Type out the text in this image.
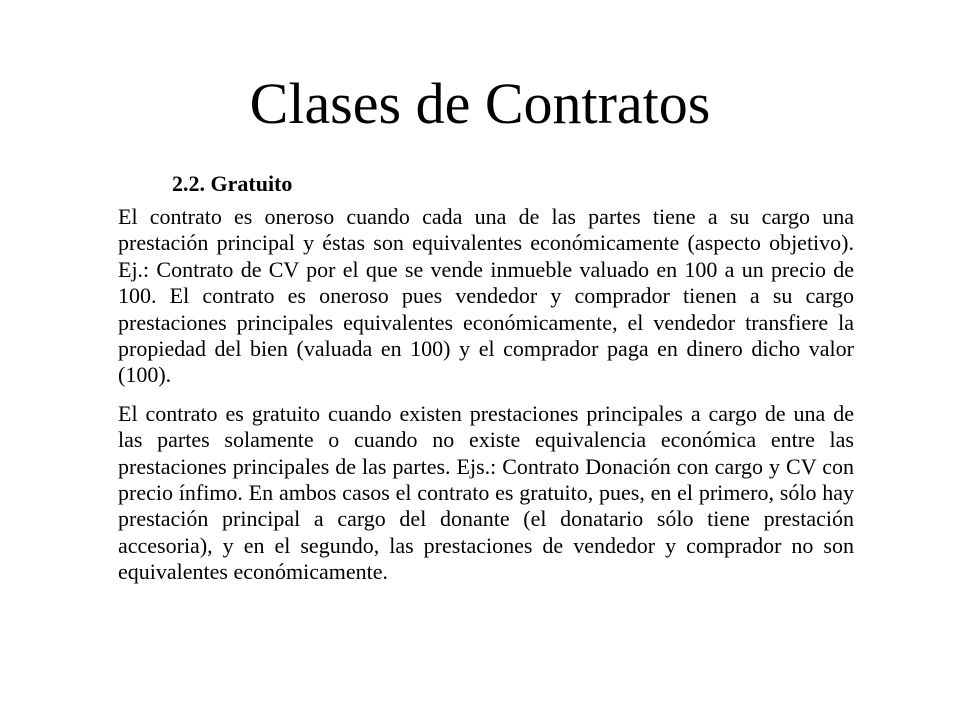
Clases de Contratos

2.2. Gratuito

El contrato es oneroso cuando cada una de las partes tiene a su cargo una prestación principal y éstas son equivalentes económicamente (aspecto objetivo). Ej.: Contrato de CV por el que se vende inmueble valuado en 100 a un precio de 100. El contrato es oneroso pues vendedor y comprador tienen a su cargo prestaciones principales equivalentes económicamente, el vendedor transfiere la propiedad del bien (valuada en 100) y el comprador paga en dinero dicho valor (100).

El contrato es gratuito cuando existen prestaciones principales a cargo de una de las partes solamente o cuando no existe equivalencia económica entre las prestaciones principales de las partes. Ejs.: Contrato Donación con cargo y CV con precio ínfimo. En ambos casos el contrato es gratuito, pues, en el primero, sólo hay prestación principal a cargo del donante (el donatario sólo tiene prestación accesoria), y en el segundo, las prestaciones de vendedor y comprador no son equivalentes económicamente.
